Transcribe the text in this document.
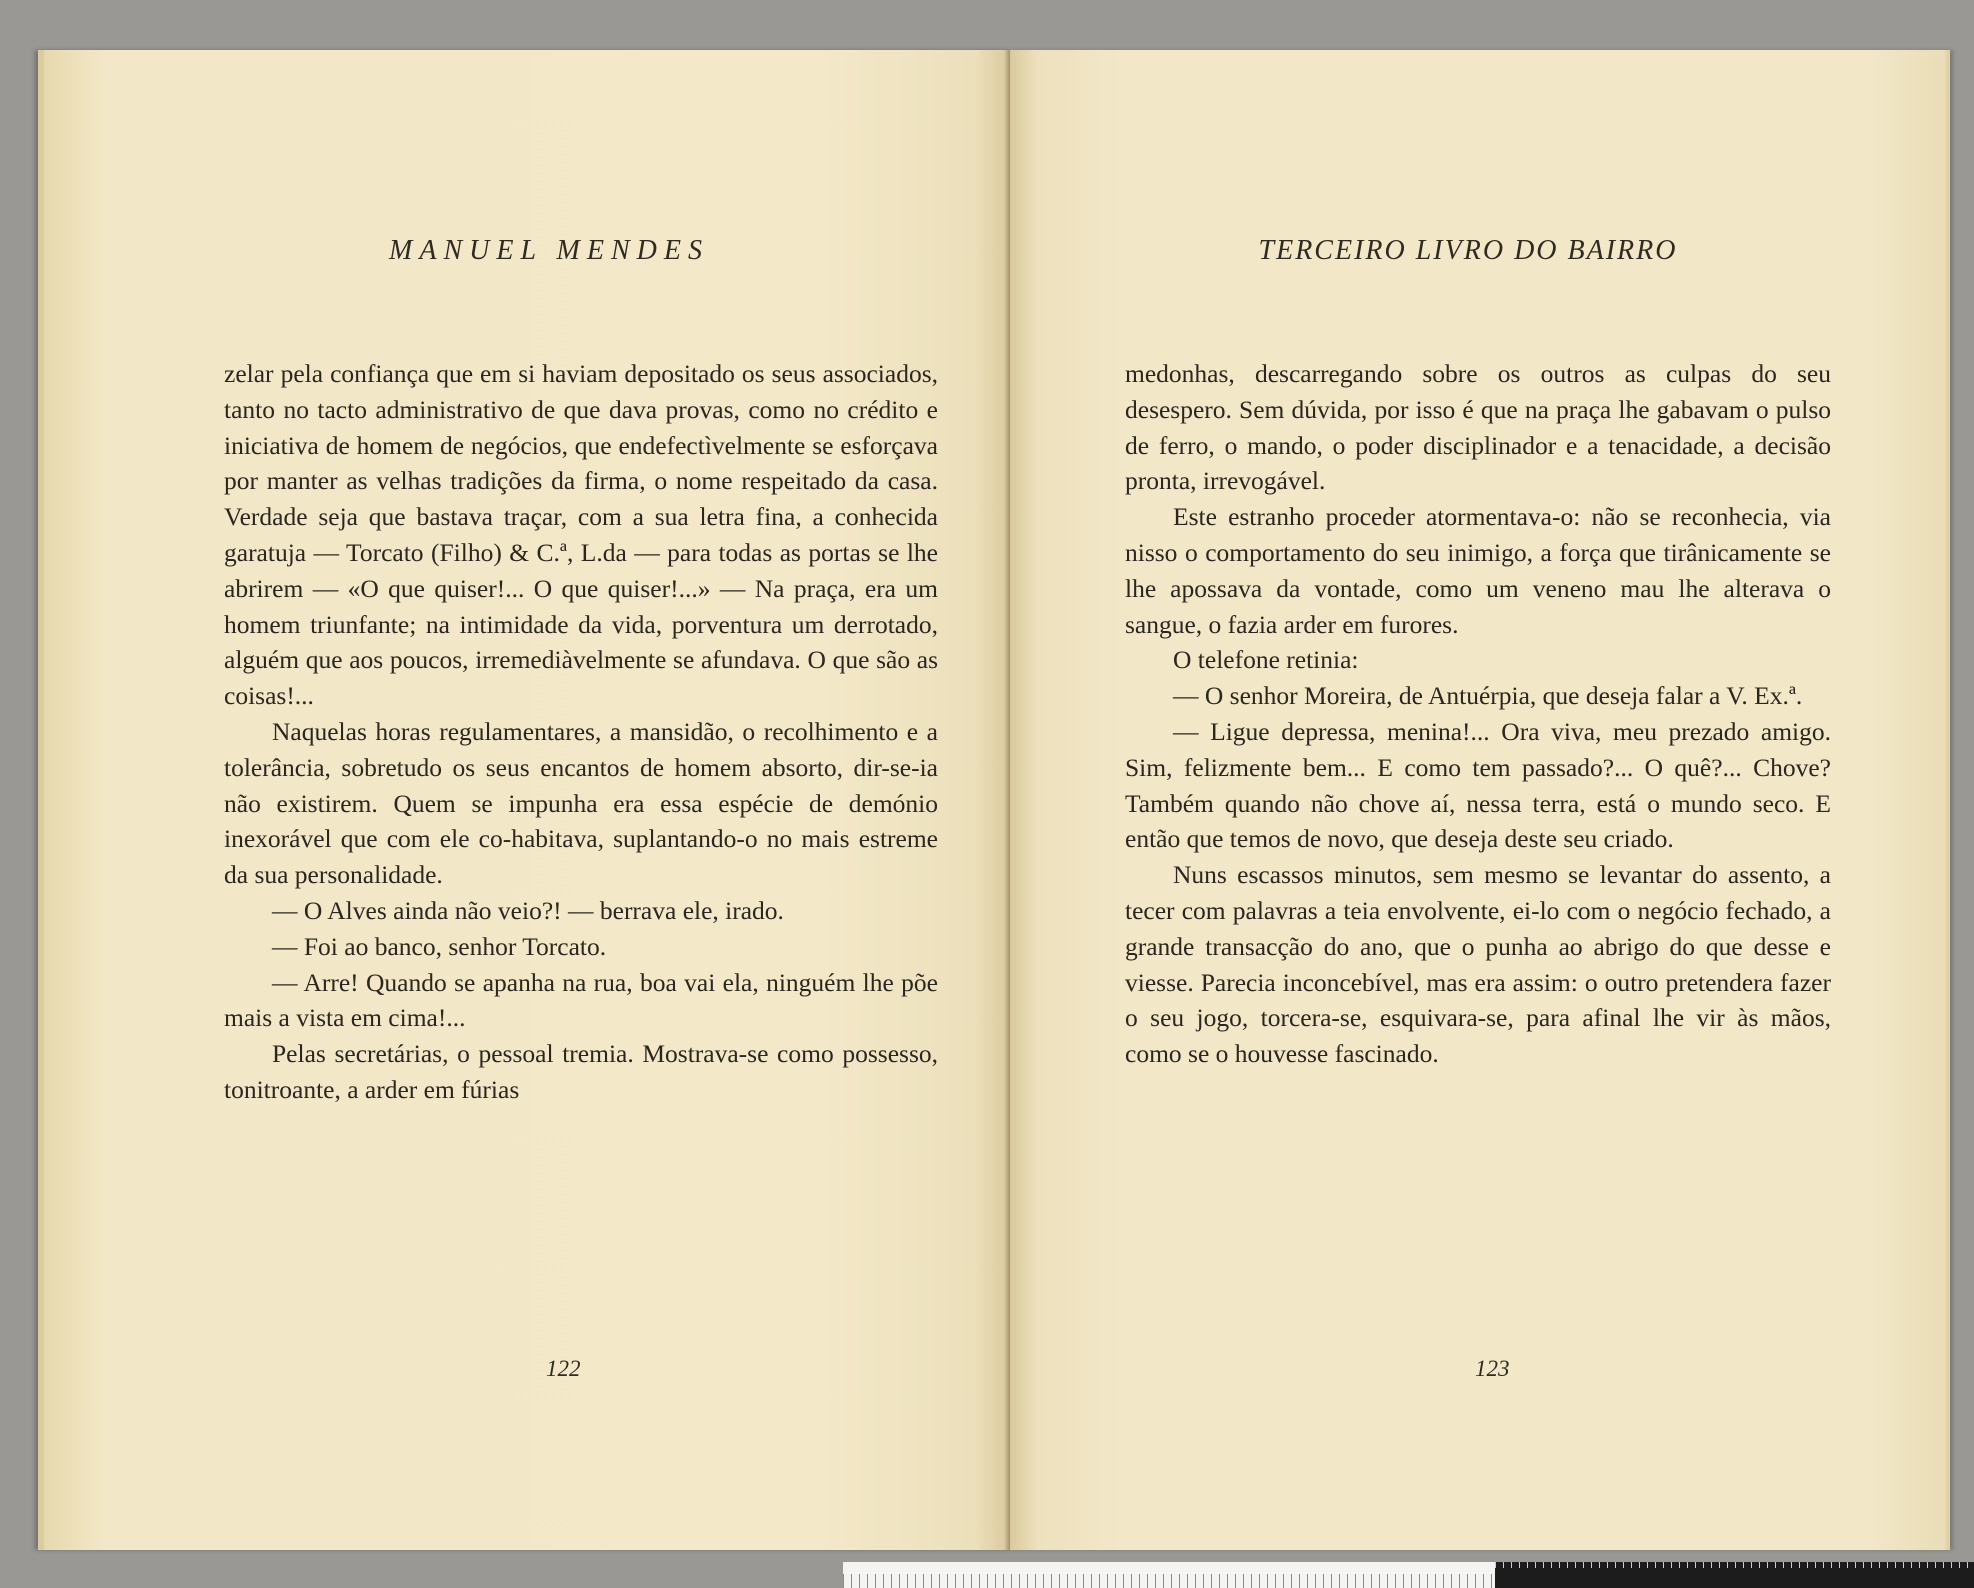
MANUEL MENDES

zelar pela confiança que em si haviam depositado os seus associados, tanto no tacto administrativo de que dava provas, como no crédito e iniciativa de homem de negócios, que endefectìvelmente se esforçava por manter as velhas tradições da firma, o nome respeitado da casa. Verdade seja que bastava traçar, com a sua letra fina, a conhecida garatuja — Torcato (Filho) & C.ª, L.da — para todas as portas se lhe abrirem — «O que quiser!... O que quiser!...» — Na praça, era um homem triunfante; na intimidade da vida, porventura um derrotado, alguém que aos poucos, irremediàvelmente se afundava. O que são as coisas!...

Naquelas horas regulamentares, a mansidão, o recolhimento e a tolerância, sobretudo os seus encantos de homem absorto, dir-se-ia não existirem. Quem se impunha era essa espécie de demónio inexorável que com ele co-habitava, suplantando-o no mais estreme da sua personalidade.

— O Alves ainda não veio?! — berrava ele, irado.

— Foi ao banco, senhor Torcato.

— Arre! Quando se apanha na rua, boa vai ela, ninguém lhe põe mais a vista em cima!...

Pelas secretárias, o pessoal tremia. Mostrava-se como possesso, tonitroante, a arder em fúrias

122
TERCEIRO LIVRO DO BAIRRO

medonhas, descarregando sobre os outros as culpas do seu desespero. Sem dúvida, por isso é que na praça lhe gabavam o pulso de ferro, o mando, o poder disciplinador e a tenacidade, a decisão pronta, irrevogável.

Este estranho proceder atormentava-o: não se reconhecia, via nisso o comportamento do seu inimigo, a força que tirânicamente se lhe apossava da vontade, como um veneno mau lhe alterava o sangue, o fazia arder em furores.

O telefone retinia:

— O senhor Moreira, de Antuérpia, que deseja falar a V. Ex.ª.

— Ligue depressa, menina!... Ora viva, meu prezado amigo. Sim, felizmente bem... E como tem passado?... O quê?... Chove? Também quando não chove aí, nessa terra, está o mundo seco. E então que temos de novo, que deseja deste seu criado.

Nuns escassos minutos, sem mesmo se levantar do assento, a tecer com palavras a teia envolvente, ei-lo com o negócio fechado, a grande transacção do ano, que o punha ao abrigo do que desse e viesse. Parecia inconcebível, mas era assim: o outro pretendera fazer o seu jogo, torcera-se, esquivara-se, para afinal lhe vir às mãos, como se o houvesse fascinado.

123
